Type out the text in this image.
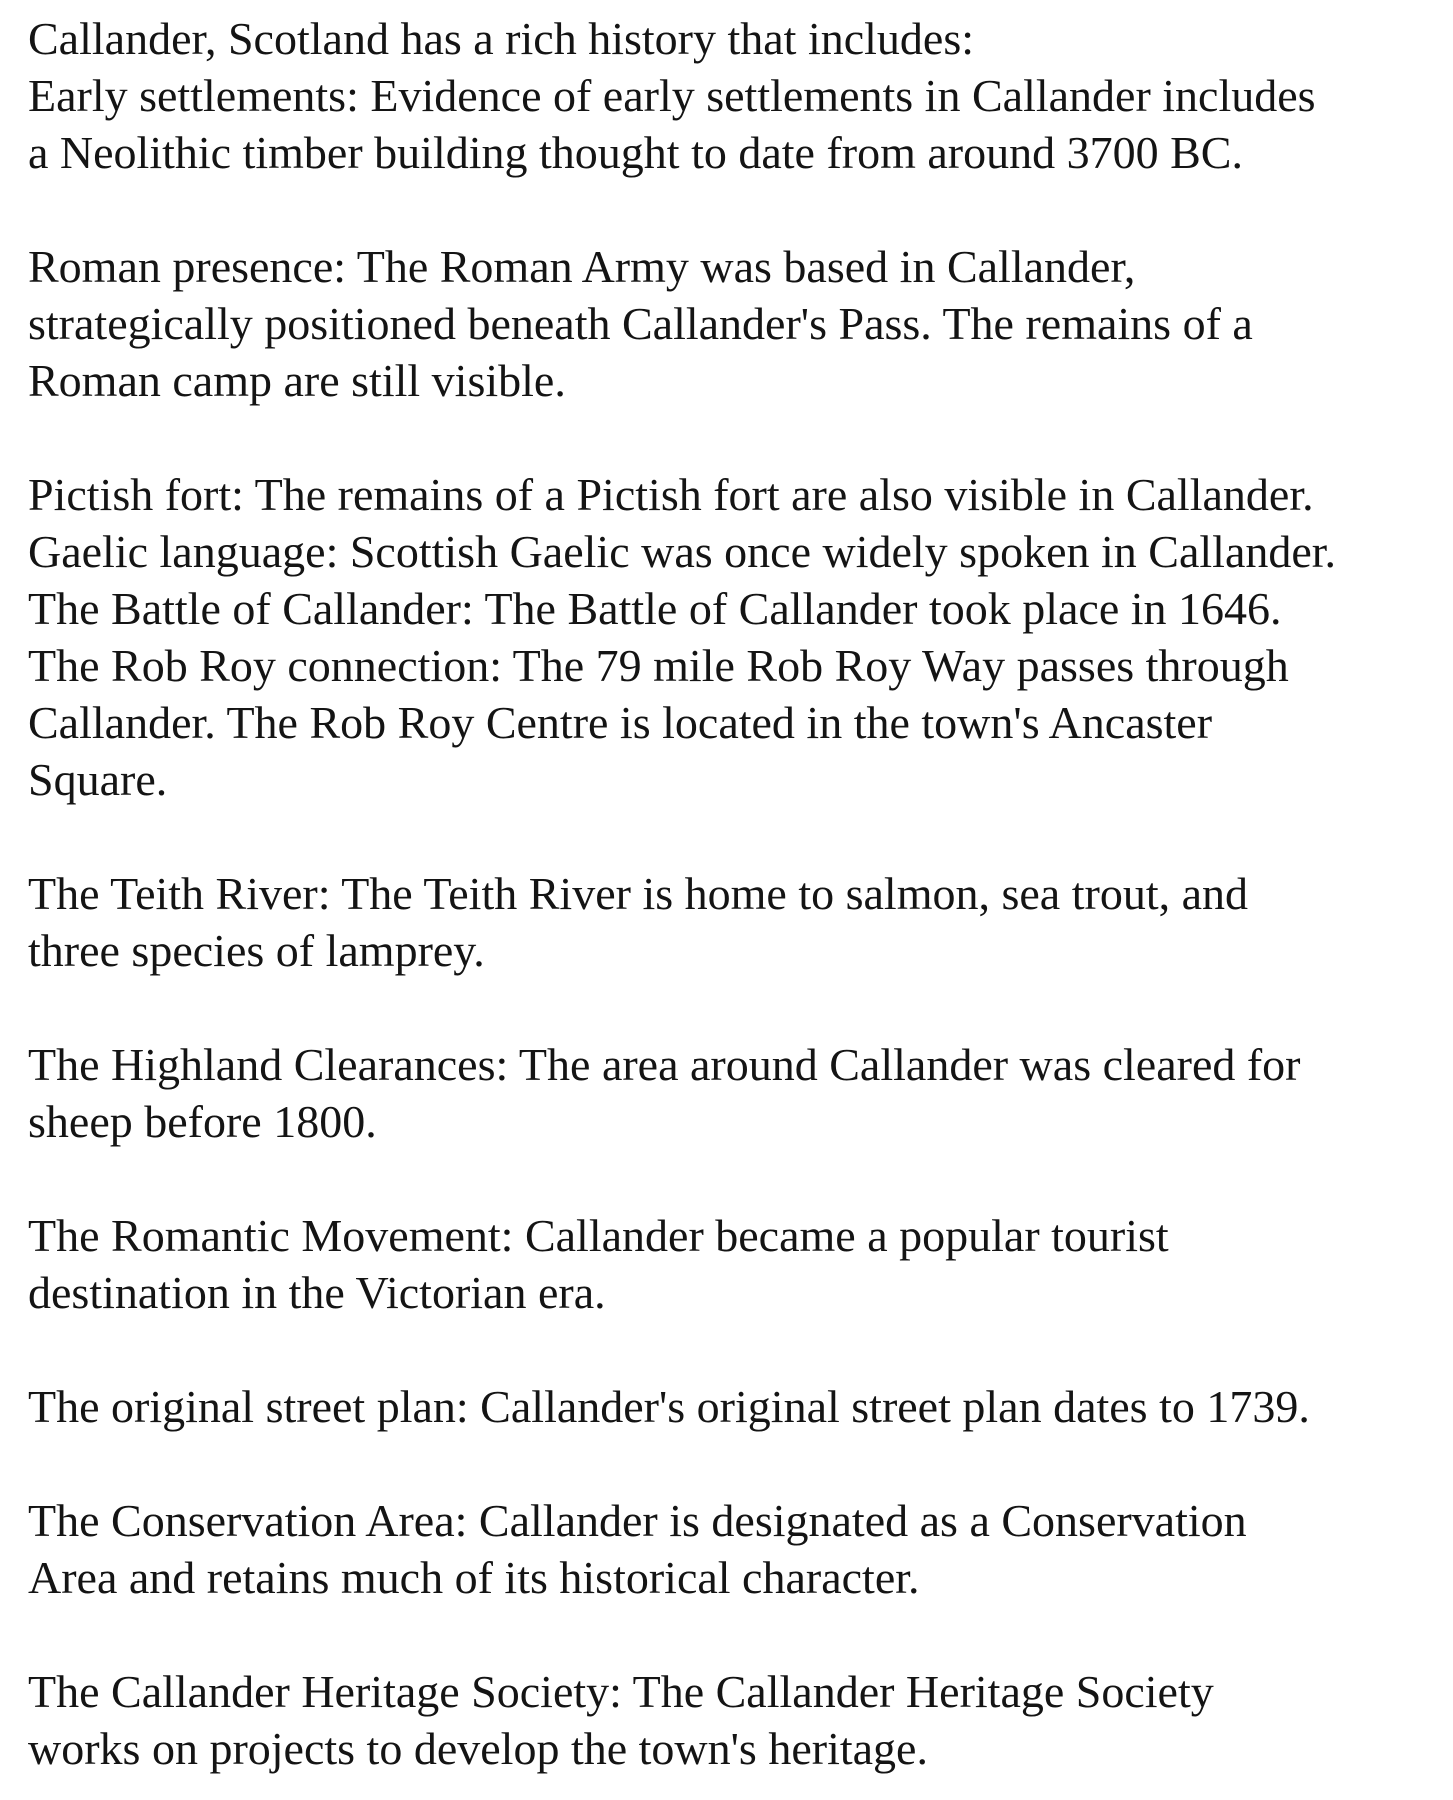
Callander, Scotland has a rich history that includes:
Early settlements: Evidence of early settlements in Callander includes
a Neolithic timber building thought to date from around 3700 BC.
Roman presence: The Roman Army was based in Callander,
strategically positioned beneath Callander's Pass. The remains of a
Roman camp are still visible.
Pictish fort: The remains of a Pictish fort are also visible in Callander.
Gaelic language: Scottish Gaelic was once widely spoken in Callander.
The Battle of Callander: The Battle of Callander took place in 1646.
The Rob Roy connection: The 79 mile Rob Roy Way passes through
Callander. The Rob Roy Centre is located in the town's Ancaster
Square.
The Teith River: The Teith River is home to salmon, sea trout, and
three species of lamprey.
The Highland Clearances: The area around Callander was cleared for
sheep before 1800.
The Romantic Movement: Callander became a popular tourist
destination in the Victorian era.
The original street plan: Callander's original street plan dates to 1739.
The Conservation Area: Callander is designated as a Conservation
Area and retains much of its historical character.
The Callander Heritage Society: The Callander Heritage Society
works on projects to develop the town's heritage.
